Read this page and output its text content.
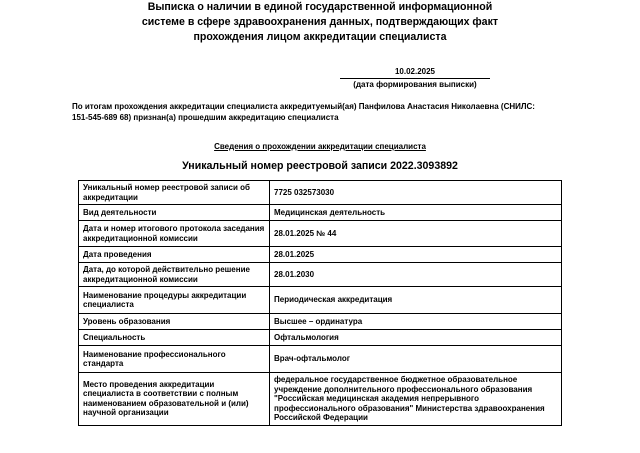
Выписка о наличии в единой государственной информационной
системе в сфере здравоохранения данных, подтверждающих факт
прохождения лицом аккредитации специалиста
10.02.2025
(дата формирования выписки)
По итогам прохождения аккредитации специалиста аккредитуемый(ая) Панфилова Анастасия Николаевна (СНИЛС:
151-545-689 68) признан(а) прошедшим аккредитацию специалиста
Сведения о прохождении аккредитации специалиста
Уникальный номер реестровой записи 2022.3093892
Уникальный номер реестровой записи об аккредитации	7725 032573030

Вид деятельности	Медицинская деятельность

Дата и номер итогового протокола заседания аккредитационной комиссии	28.01.2025 № 44

Дата проведения	28.01.2025

Дата, до которой действительно решение аккредитационной комиссии	28.01.2030

Наименование процедуры аккредитации специалиста	Периодическая аккредитация

Уровень образования	Высшее – ординатура

Специальность	Офтальмология

Наименование профессионального стандарта	Врач-офтальмолог

Место проведения аккредитации специалиста в соответствии с полным наименованием образовательной и (или) научной организации	федеральное государственное бюджетное образовательное
учреждение дополнительного профессионального образования
"Российская медицинская академия непрерывного
профессионального образования" Министерства здравоохранения
Российской Федерации
